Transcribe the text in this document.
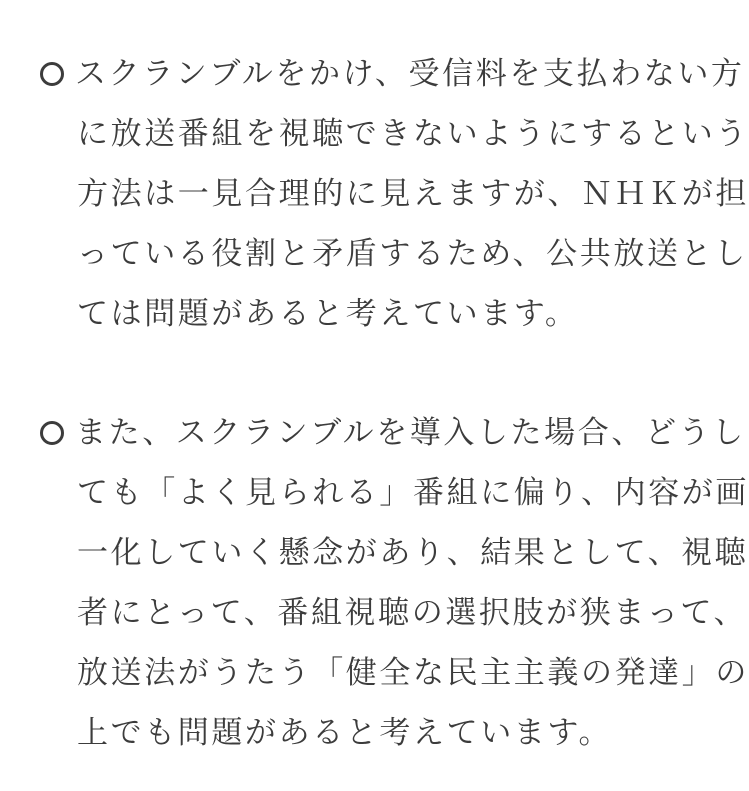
スクランブルをかけ、受信料を支払わない方
に放送番組を視聴できないようにするという
方法は一見合理的に見えますが、ＮＨＫが担
っている役割と矛盾するため、公共放送とし
ては問題があると考えています。
また、スクランブルを導入した場合、どうし
ても「よく見られる」番組に偏り、内容が画
一化していく懸念があり、結果として、視聴
者にとって、番組視聴の選択肢が狭まって、
放送法がうたう「健全な民主主義の発達」の
上でも問題があると考えています。
